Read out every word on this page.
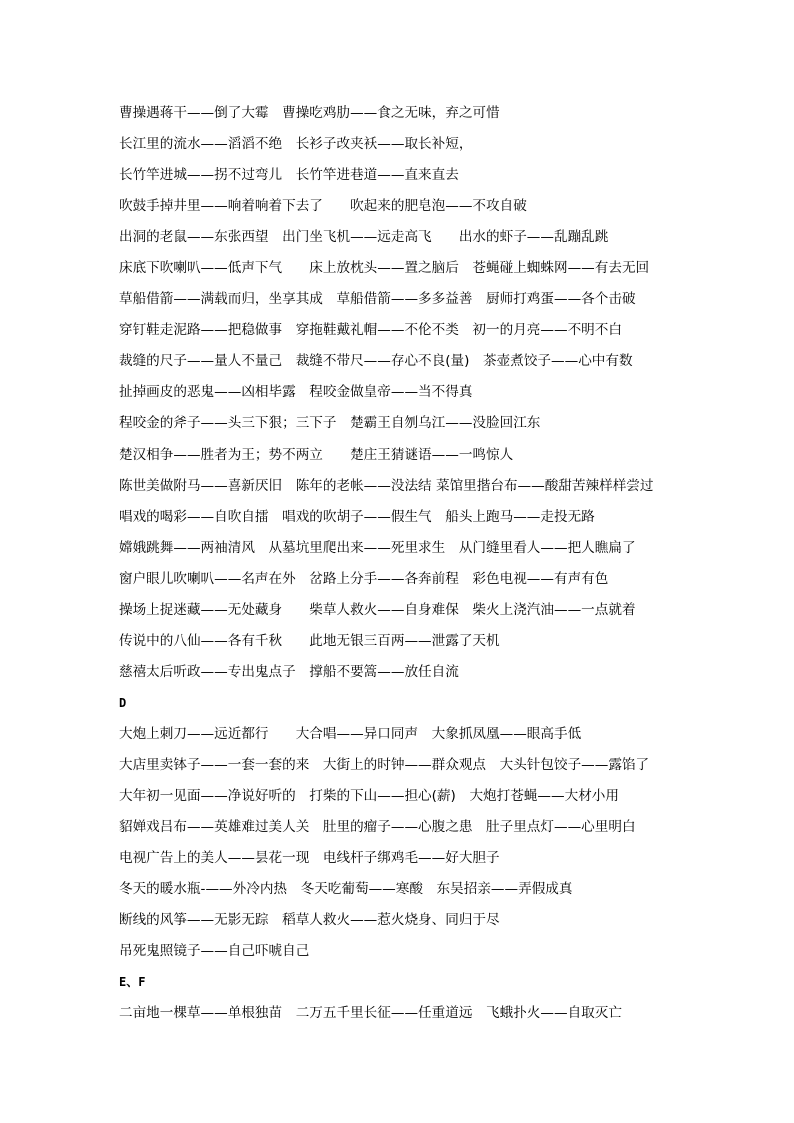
曹操遇蒋干——倒了大霉　曹操吃鸡肋——食之无味，弃之可惜
长江里的流水——滔滔不绝　长衫子改夹袄——取长补短，
长竹竿进城——拐不过弯儿　长竹竿进巷道——直来直去
吹鼓手掉井里——响着响着下去了　　吹起来的肥皂泡——不攻自破
出洞的老鼠——东张西望　出门坐飞机——远走高飞　　出水的虾子——乱蹦乱跳
床底下吹喇叭——低声下气　　床上放枕头——置之脑后　苍蝇碰上蜘蛛网——有去无回
草船借箭——满载而归，坐享其成　草船借箭——多多益善　厨师打鸡蛋——各个击破
穿钉鞋走泥路——把稳做事　穿拖鞋戴礼帽——不伦不类　初一的月亮——不明不白
裁缝的尺子——量人不量己　裁缝不带尺——存心不良(量)　茶壶煮饺子——心中有数
扯掉画皮的恶鬼——凶相毕露　程咬金做皇帝——当不得真
程咬金的斧子——头三下狠；三下子　楚霸王自刎乌江——没脸回江东
楚汉相争——胜者为王；势不两立　　楚庄王猜谜语——一鸣惊人
陈世美做附马——喜新厌旧　陈年的老帐——没法结 菜馆里揩台布——酸甜苦辣样样尝过
唱戏的喝彩——自吹自擂　唱戏的吹胡子——假生气　船头上跑马——走投无路
嫦娥跳舞——两袖清风　从墓坑里爬出来——死里求生　从门缝里看人——把人瞧扁了
窗户眼儿吹喇叭——名声在外　岔路上分手——各奔前程　彩色电视——有声有色
操场上捉迷藏——无处藏身　　柴草人救火——自身难保　柴火上浇汽油——一点就着
传说中的八仙——各有千秋　　此地无银三百两——泄露了天机
慈禧太后听政——专出鬼点子　撑船不要篙——放任自流
D
大炮上刺刀——远近都行　　大合唱——异口同声　大象抓凤凰——眼高手低
大店里卖钵子——一套一套的来　大街上的时钟——群众观点　大头针包饺子——露馅了
大年初一见面——净说好听的　打柴的下山——担心(薪)　大炮打苍蝇——大材小用
貂婵戏吕布——英雄难过美人关　肚里的瘤子——心腹之患　肚子里点灯——心里明白
电视广告上的美人——昙花一现　电线杆子绑鸡毛——好大胆子
冬天的暖水瓶-——外冷内热　冬天吃葡萄——寒酸　东吴招亲——弄假成真
断线的风筝——无影无踪　稻草人救火——惹火烧身、同归于尽
吊死鬼照镜子——自己吓唬自己
E、F
二亩地一棵草——单根独苗　二万五千里长征——任重道远　飞蛾扑火——自取灭亡
